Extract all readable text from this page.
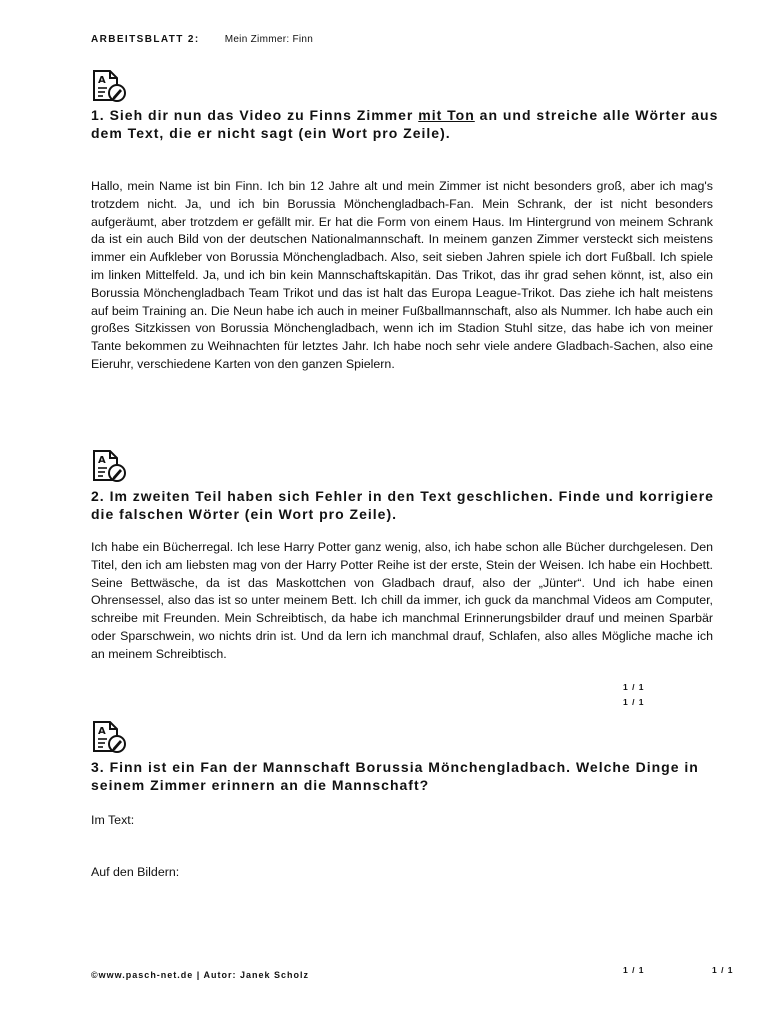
ARBEITSBLATT 2:	Mein Zimmer: Finn
A
1. Sieh dir nun das Video zu Finns Zimmer mit Ton an und streiche alle Wörter aus dem Text, die er nicht sagt (ein Wort pro Zeile).
Hallo, mein Name ist bin Finn. Ich bin 12 Jahre alt und mein Zimmer ist nicht besonders groß, aber ich mag's trotzdem nicht. Ja, und ich bin Borussia Mönchengladbach-Fan. Mein Schrank, der ist nicht besonders aufgeräumt, aber trotzdem er gefällt mir. Er hat die Form von einem Haus. Im Hintergrund von meinem Schrank da ist ein auch Bild von der deutschen Nationalmannschaft. In meinem ganzen Zimmer versteckt sich meistens immer ein Aufkleber von Borussia Mönchengladbach. Also, seit sieben Jahren spiele ich dort Fußball. Ich spiele im linken Mittelfeld. Ja, und ich bin kein Mannschaftskapitän. Das Trikot, das ihr grad sehen könnt, ist, also ein Borussia Mönchengladbach Team Trikot und das ist halt das Europa League-Trikot. Das ziehe ich halt meistens auf beim Training an. Die Neun habe ich auch in meiner Fußballmannschaft, also als Nummer. Ich habe auch ein großes Sitzkissen von Borussia Mönchengladbach, wenn ich im Stadion Stuhl sitze, das habe ich von meiner Tante bekommen zu Weihnachten für letztes Jahr. Ich habe noch sehr viele andere Gladbach-Sachen, also eine Eieruhr, verschiedene Karten von den ganzen Spielern.
A
2. Im zweiten Teil haben sich Fehler in den Text geschlichen. Finde und korrigiere die falschen Wörter (ein Wort pro Zeile).
Ich habe ein Bücherregal. Ich lese Harry Potter ganz wenig, also, ich habe schon alle Bücher durchgelesen. Den Titel, den ich am liebsten mag von der Harry Potter Reihe ist der erste, Stein der Weisen. Ich habe ein Hochbett. Seine Bettwäsche, da ist das Maskottchen von Gladbach drauf, also der „Jünter“. Und ich habe einen Ohrensessel, also das ist so unter meinem Bett. Ich chill da immer, ich guck da manchmal Videos am Computer, schreibe mit Freunden. Mein Schreibtisch, da habe ich manchmal Erinnerungsbilder drauf und meinen Sparbär oder Sparschwein, wo nichts drin ist. Und da lern ich manchmal drauf, Schlafen, also alles Mögliche mache ich an meinem Schreibtisch.
1 / 1
1 / 1
A
3. Finn ist ein Fan der Mannschaft Borussia Mönchengladbach. Welche Dinge in seinem Zimmer erinnern an die Mannschaft?
Im Text:
Auf den Bildern:
©www.pasch-net.de | Autor: Janek Scholz	1 / 1	1 / 1
